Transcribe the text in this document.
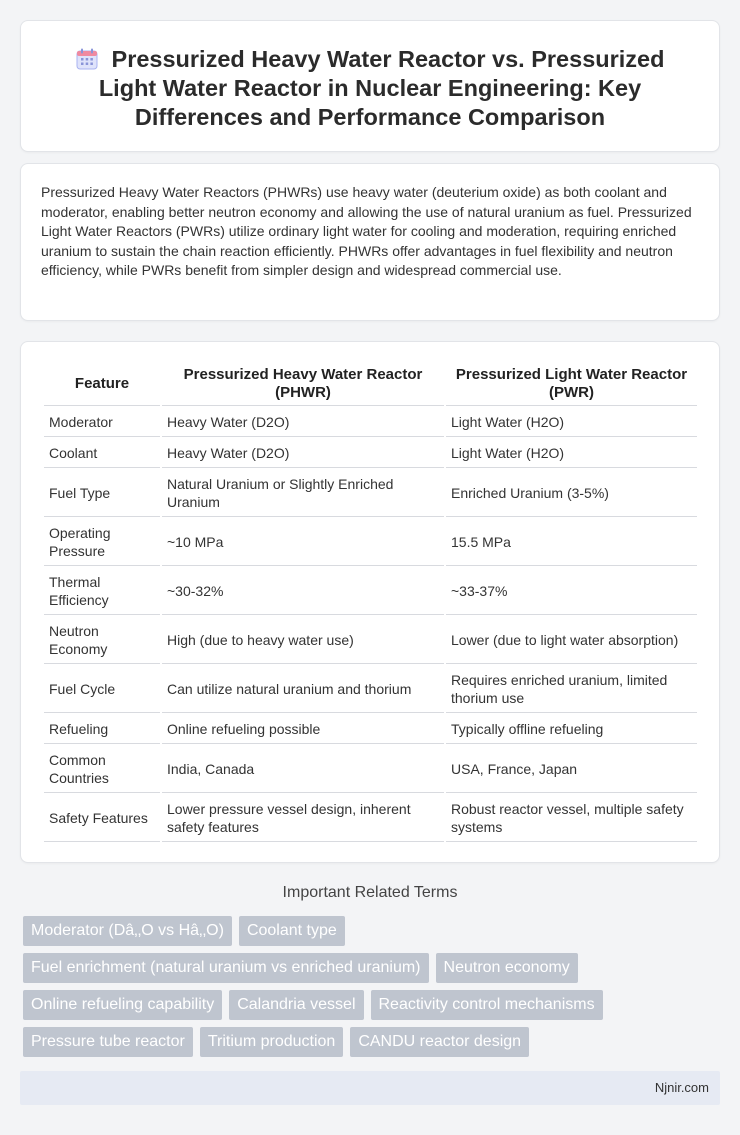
Pressurized Heavy Water Reactor vs. Pressurized Light Water Reactor in Nuclear Engineering: Key Differences and Performance Comparison

Pressurized Heavy Water Reactors (PHWRs) use heavy water (deuterium oxide) as both coolant and moderator, enabling better neutron economy and allowing the use of natural uranium as fuel. Pressurized Light Water Reactors (PWRs) utilize ordinary light water for cooling and moderation, requiring enriched uranium to sustain the chain reaction efficiently. PHWRs offer advantages in fuel flexibility and neutron efficiency, while PWRs benefit from simpler design and widespread commercial use.

Feature	Pressurized Heavy Water Reactor (PHWR)	Pressurized Light Water Reactor (PWR)
Moderator	Heavy Water (D2O)	Light Water (H2O)
Coolant	Heavy Water (D2O)	Light Water (H2O)
Fuel Type	Natural Uranium or Slightly Enriched Uranium	Enriched Uranium (3-5%)
Operating Pressure	~10 MPa	15.5 MPa
Thermal Efficiency	~30-32%	~33-37%
Neutron Economy	High (due to heavy water use)	Lower (due to light water absorption)
Fuel Cycle	Can utilize natural uranium and thorium	Requires enriched uranium, limited thorium use
Refueling	Online refueling possible	Typically offline refueling
Common Countries	India, Canada	USA, France, Japan
Safety Features	Lower pressure vessel design, inherent safety features	Robust reactor vessel, multiple safety systems
Important Related Terms
Moderator (Dâ‚‚O vs Hâ‚‚O)	Coolant type
Fuel enrichment (natural uranium vs enriched uranium)	Neutron economy
Online refueling capability	Calandria vessel	Reactivity control mechanisms
Pressure tube reactor	Tritium production	CANDU reactor design
Njnir.com
